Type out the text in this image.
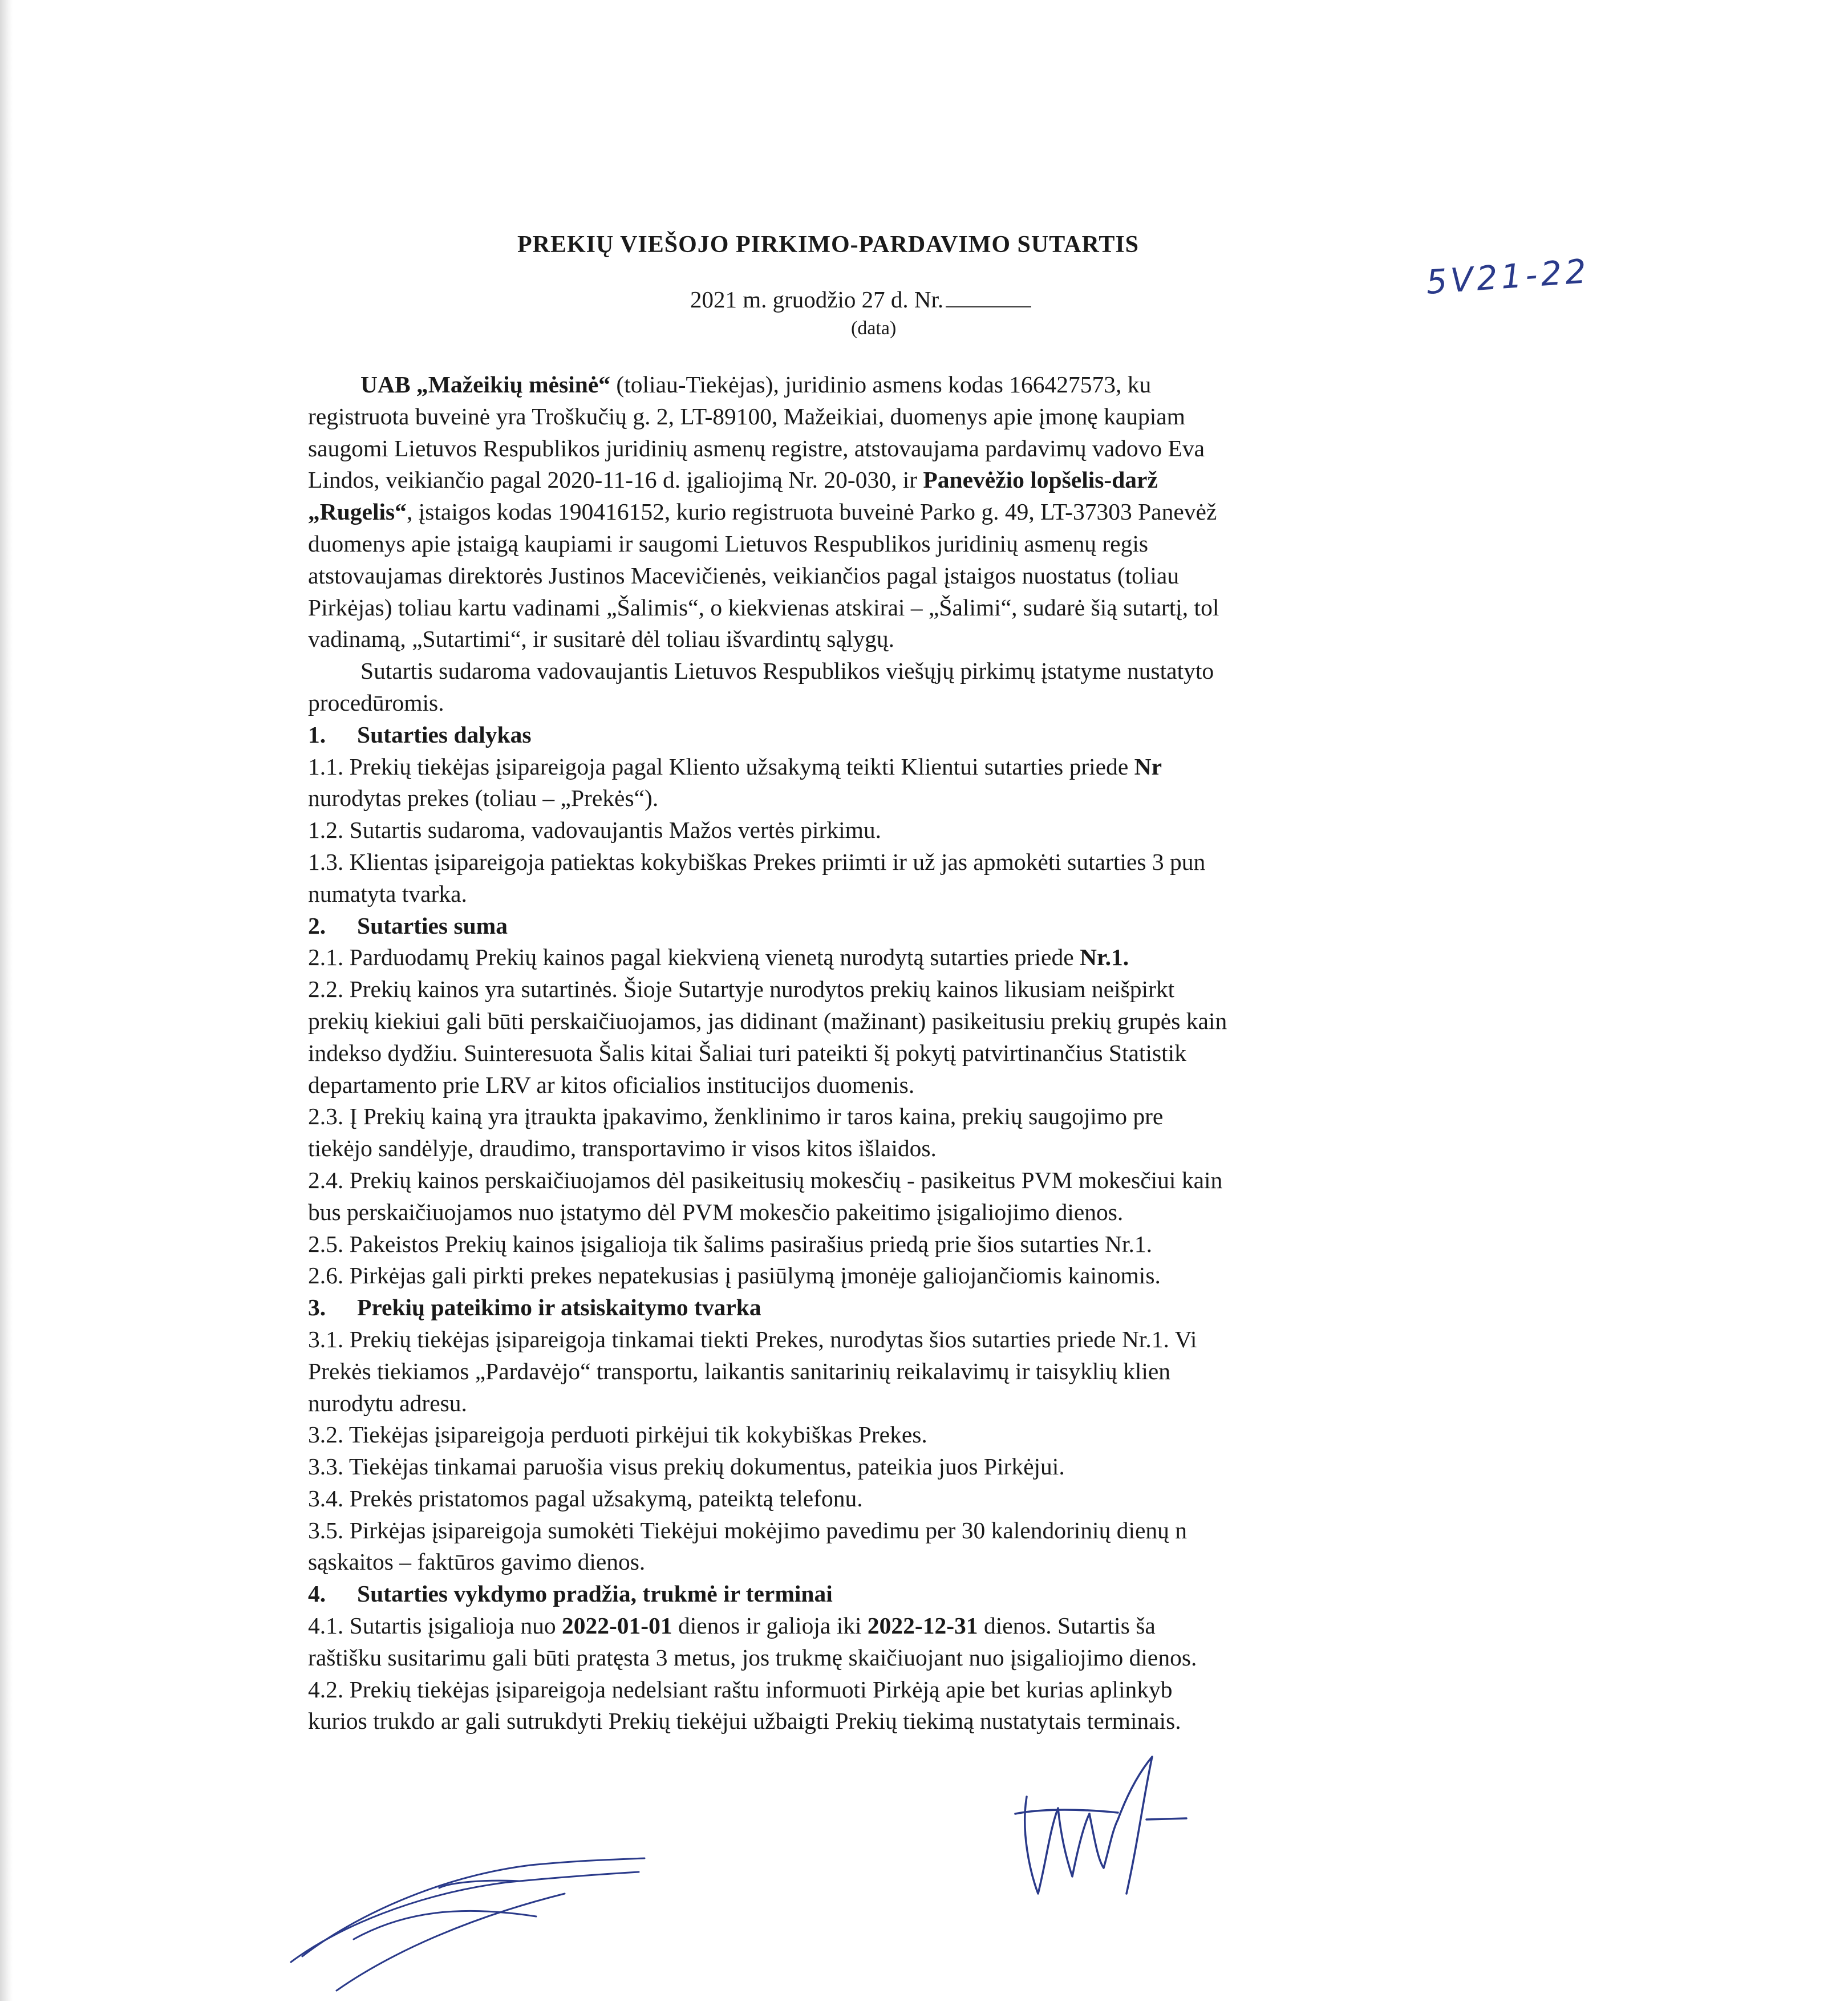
PREKIŲ VIEŠOJO PIRKIMO-PARDAVIMO SUTARTIS
2021 m. gruodžio 27 d. Nr.	5V21-22
(data)
UAB „Mažeikių mėsinė“ (toliau-Tiekėjas), juridinio asmens kodas 166427573, ku
registruota buveinė yra Troškučių g. 2, LT-89100, Mažeikiai, duomenys apie įmonę kaupiam
saugomi Lietuvos Respublikos juridinių asmenų registre, atstovaujama pardavimų vadovo Eva
Lindos, veikiančio pagal 2020-11-16 d. įgaliojimą Nr. 20-030, ir Panevėžio lopšelis-darž
„Rugelis“, įstaigos kodas 190416152, kurio registruota buveinė Parko g. 49, LT-37303 Panevėž
duomenys apie įstaigą kaupiami ir saugomi Lietuvos Respublikos juridinių asmenų regis
atstovaujamas direktorės Justinos Macevičienės, veikiančios pagal įstaigos nuostatus (toliau
Pirkėjas) toliau kartu vadinami „Šalimis“, o kiekvienas atskirai – „Šalimi“, sudarė šią sutartį, tol
vadinamą, „Sutartimi“, ir susitarė dėl toliau išvardintų sąlygų.
Sutartis sudaroma vadovaujantis Lietuvos Respublikos viešųjų pirkimų įstatyme nustatyto
procedūromis.
1. Sutarties dalykas
1.1. Prekių tiekėjas įsipareigoja pagal Kliento užsakymą teikti Klientui sutarties priede Nr
nurodytas prekes (toliau – „Prekės“).
1.2. Sutartis sudaroma, vadovaujantis Mažos vertės pirkimu.
1.3. Klientas įsipareigoja patiektas kokybiškas Prekes priimti ir už jas apmokėti sutarties 3 pun
numatyta tvarka.
2. Sutarties suma
2.1. Parduodamų Prekių kainos pagal kiekvieną vienetą nurodytą sutarties priede Nr.1.
2.2. Prekių kainos yra sutartinės. Šioje Sutartyje nurodytos prekių kainos likusiam neišpirkt
prekių kiekiui gali būti perskaičiuojamos, jas didinant (mažinant) pasikeitusiu prekių grupės kain
indekso dydžiu. Suinteresuota Šalis kitai Šaliai turi pateikti šį pokytį patvirtinančius Statistik
departamento prie LRV ar kitos oficialios institucijos duomenis.
2.3. Į Prekių kainą yra įtraukta įpakavimo, ženklinimo ir taros kaina, prekių saugojimo pre
tiekėjo sandėlyje, draudimo, transportavimo ir visos kitos išlaidos.
2.4. Prekių kainos perskaičiuojamos dėl pasikeitusių mokesčių - pasikeitus PVM mokesčiui kain
bus perskaičiuojamos nuo įstatymo dėl PVM mokesčio pakeitimo įsigaliojimo dienos.
2.5. Pakeistos Prekių kainos įsigalioja tik šalims pasirašius priedą prie šios sutarties Nr.1.
2.6. Pirkėjas gali pirkti prekes nepatekusias į pasiūlymą įmonėje galiojančiomis kainomis.
3. Prekių pateikimo ir atsiskaitymo tvarka
3.1. Prekių tiekėjas įsipareigoja tinkamai tiekti Prekes, nurodytas šios sutarties priede Nr.1. Vi
Prekės tiekiamos „Pardavėjo“ transportu, laikantis sanitarinių reikalavimų ir taisyklių klien
nurodytu adresu.
3.2. Tiekėjas įsipareigoja perduoti pirkėjui tik kokybiškas Prekes.
3.3. Tiekėjas tinkamai paruošia visus prekių dokumentus, pateikia juos Pirkėjui.
3.4. Prekės pristatomos pagal užsakymą, pateiktą telefonu.
3.5. Pirkėjas įsipareigoja sumokėti Tiekėjui mokėjimo pavedimu per 30 kalendorinių dienų n
sąskaitos – faktūros gavimo dienos.
4. Sutarties vykdymo pradžia, trukmė ir terminai
4.1. Sutartis įsigalioja nuo 2022-01-01 dienos ir galioja iki 2022-12-31 dienos. Sutartis ša
raštišku susitarimu gali būti pratęsta 3 metus, jos trukmę skaičiuojant nuo įsigaliojimo dienos.
4.2. Prekių tiekėjas įsipareigoja nedelsiant raštu informuoti Pirkėją apie bet kurias aplinkyb
kurios trukdo ar gali sutrukdyti Prekių tiekėjui užbaigti Prekių tiekimą nustatytais terminais.
